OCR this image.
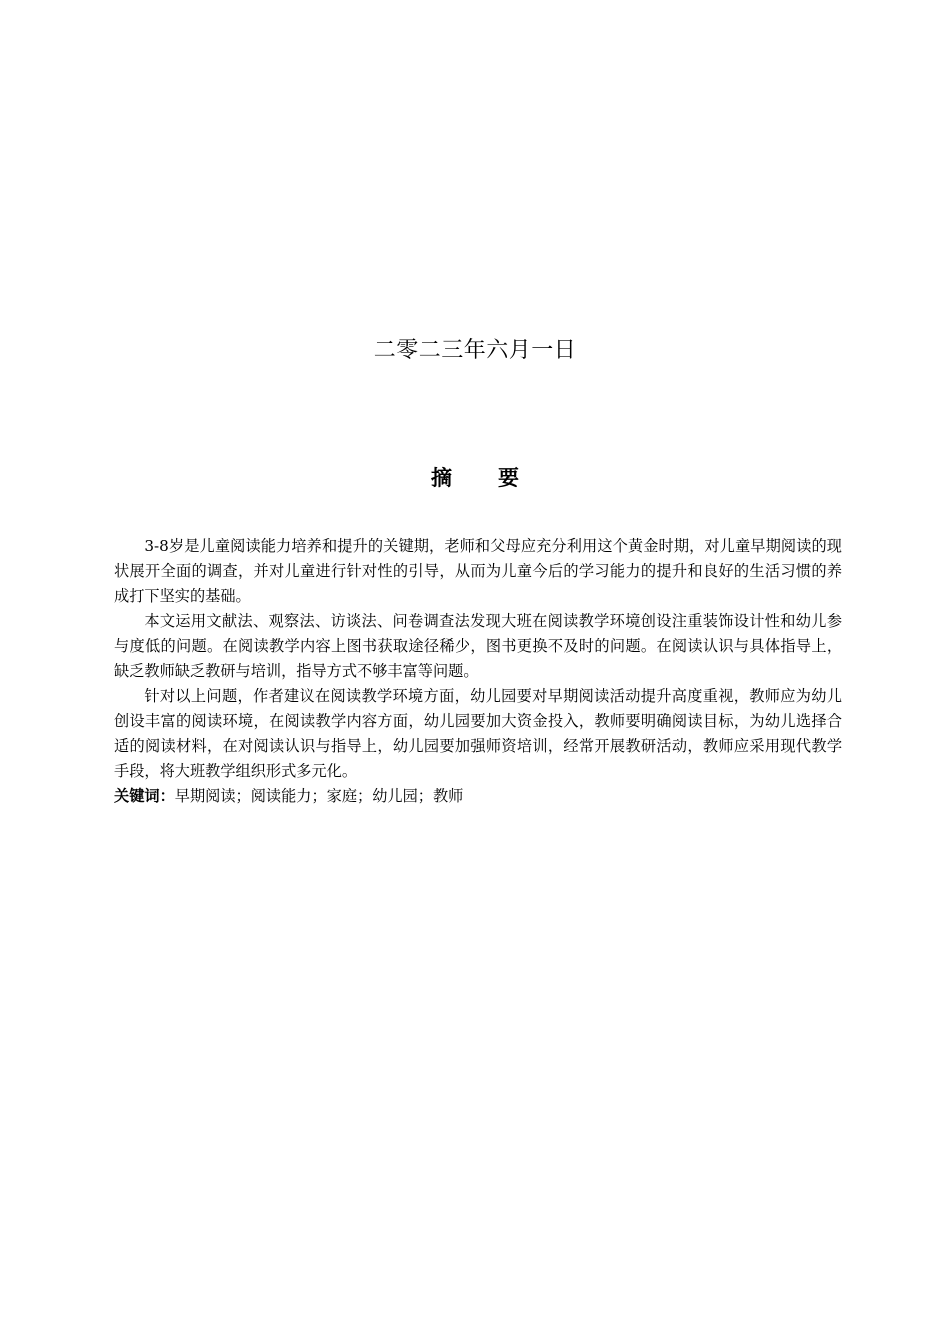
二零二三年六月一日
摘 要

3-8岁是儿童阅读能力培养和提升的关键期，老师和父母应充分利用这个黄金时期，对儿童早期阅读的现状展开全面的调查，并对儿童进行针对性的引导，从而为儿童今后的学习能力的提升和良好的生活习惯的养成打下坚实的基础。

本文运用文献法、观察法、访谈法、问卷调查法发现大班在阅读教学环境创设注重装饰设计性和幼儿参与度低的问题。在阅读教学内容上图书获取途径稀少，图书更换不及时的问题。在阅读认识与具体指导上，缺乏教师缺乏教研与培训，指导方式不够丰富等问题。

针对以上问题，作者建议在阅读教学环境方面，幼儿园要对早期阅读活动提升高度重视，教师应为幼儿创设丰富的阅读环境，在阅读教学内容方面，幼儿园要加大资金投入，教师要明确阅读目标，为幼儿选择合适的阅读材料，在对阅读认识与指导上，幼儿园要加强师资培训，经常开展教研活动，教师应采用现代教学手段，将大班教学组织形式多元化。

关键词：早期阅读；阅读能力；家庭；幼儿园；教师
